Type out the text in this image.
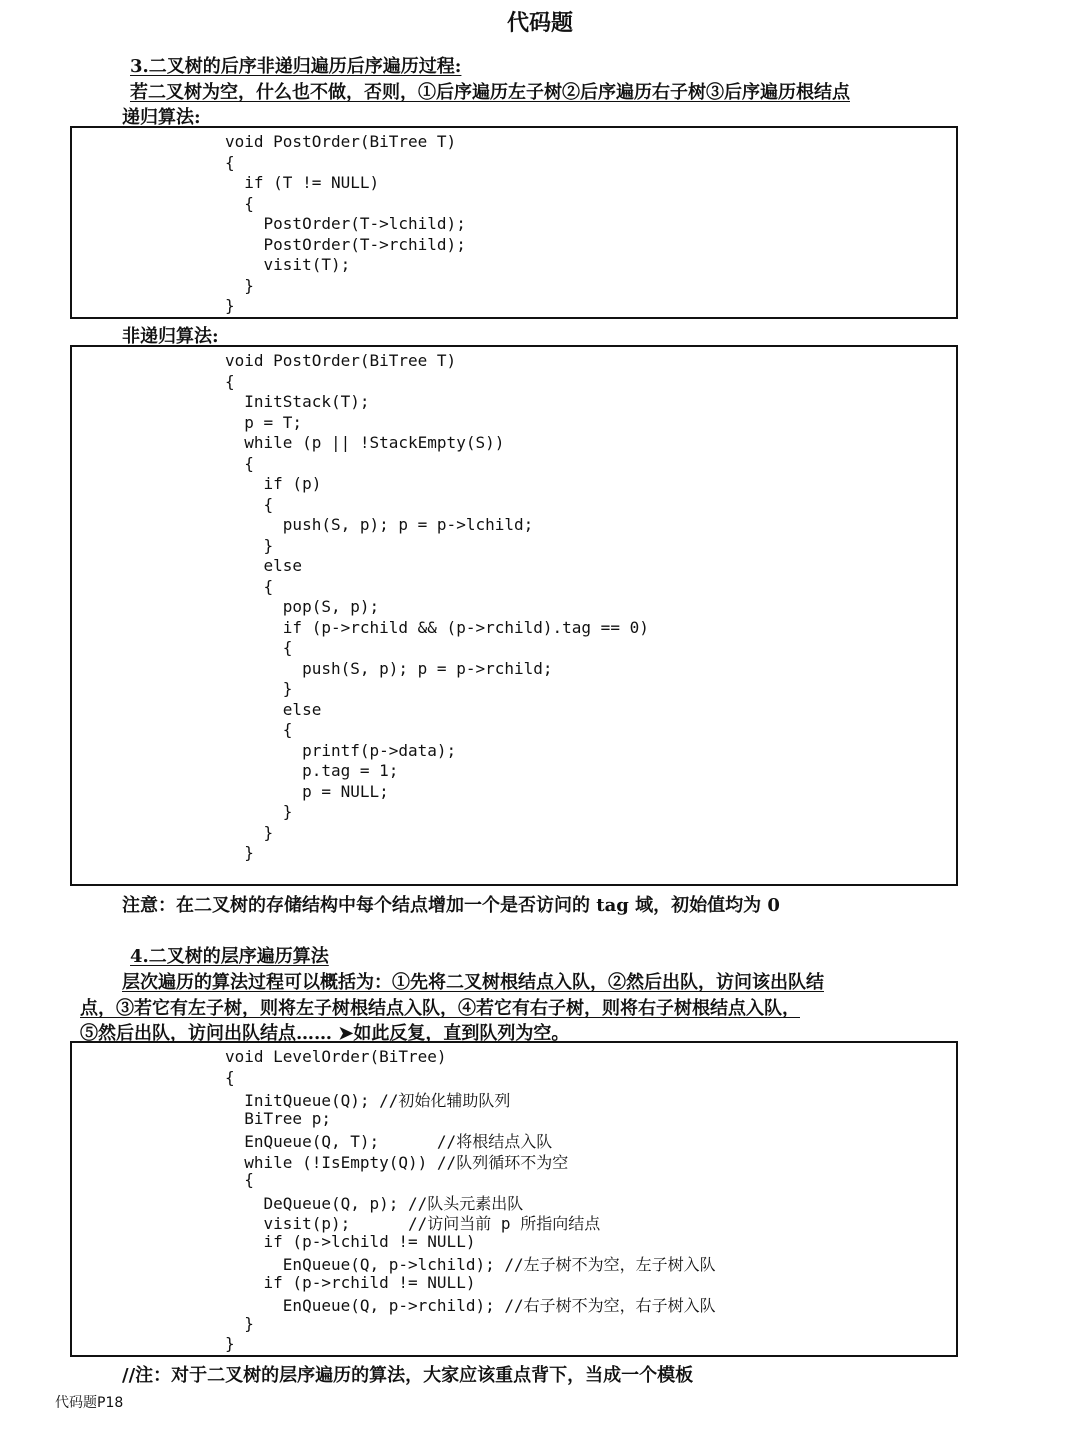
代码题
3.二叉树的后序非递归遍历后序遍历过程:
若二叉树为空，什么也不做，否则，①后序遍历左子树②后序遍历右子树③后序遍历根结点
递归算法:
void PostOrder(BiTree T)
{
if (T != NULL)
{
PostOrder(T->lchild);
PostOrder(T->rchild);
visit(T);
}
}
非递归算法:
void PostOrder(BiTree T)
{
InitStack(T);
p = T;
while (p || !StackEmpty(S))
{
if (p)
{
push(S, p); p = p->lchild;
}
else
{
pop(S, p);
if (p->rchild && (p->rchild).tag == 0)
{
push(S, p); p = p->rchild;
}
else
{
printf(p->data);
p.tag = 1;
p = NULL;
}
}
}
注意：在二叉树的存储结构中每个结点增加一个是否访问的 tag 域，初始值均为 0
4.二叉树的层序遍历算法
层次遍历的算法过程可以概括为：①先将二叉树根结点入队，②然后出队，访问该出队结
点，③若它有左子树，则将左子树根结点入队，④若它有右子树，则将右子树根结点入队，
⑤然后出队，访问出队结点…… ➤如此反复，直到队列为空。
void LevelOrder(BiTree)
{
InitQueue(Q); //初始化辅助队列
BiTree p;
EnQueue(Q, T);      //将根结点入队
while (!IsEmpty(Q)) //队列循环不为空
{
DeQueue(Q, p); //队头元素出队
visit(p);      //访问当前 p 所指向结点
if (p->lchild != NULL)
EnQueue(Q, p->lchild); //左子树不为空，左子树入队
if (p->rchild != NULL)
EnQueue(Q, p->rchild); //右子树不为空，右子树入队
}
}
//注：对于二叉树的层序遍历的算法，大家应该重点背下，当成一个模板
代码题P18
